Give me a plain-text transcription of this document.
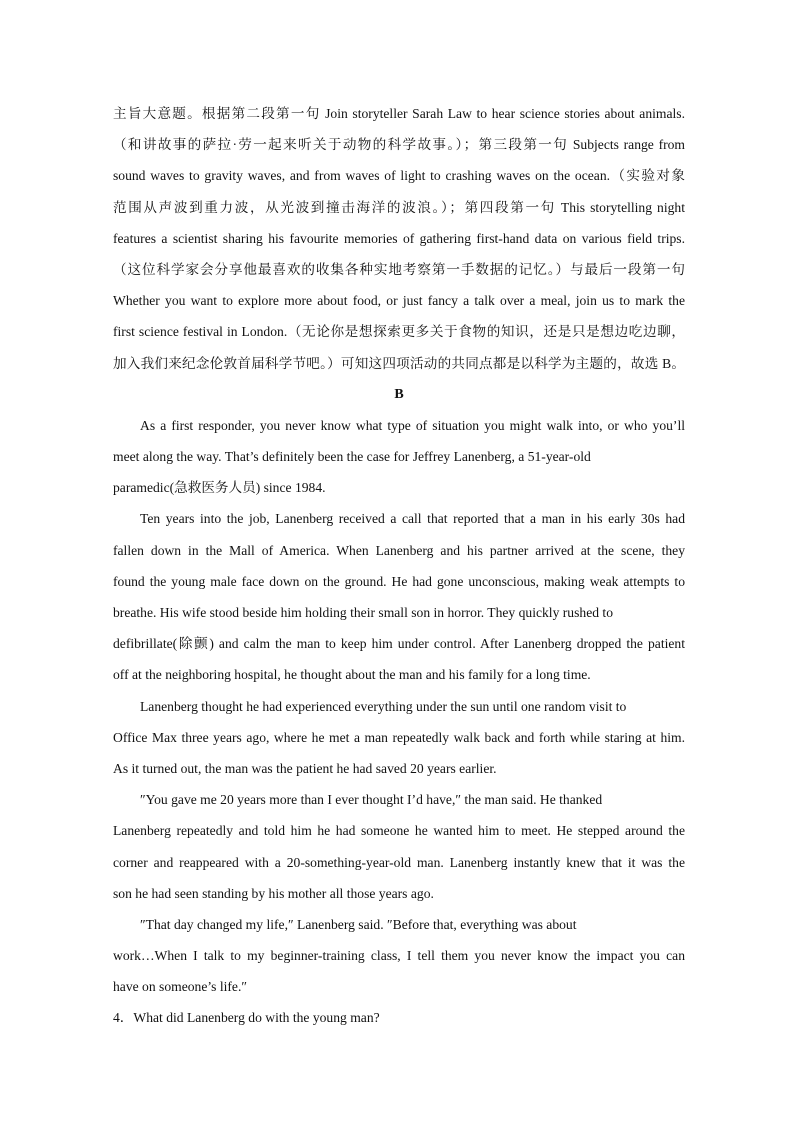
主旨大意题。根据第二段第一句 Join storyteller Sarah Law to hear science stories about animals.
（和讲故事的萨拉·劳一起来听关于动物的科学故事。）；第三段第一句 Subjects range from
sound waves to gravity waves, and from waves of light to crashing waves on the ocean.（实验对象
范围从声波到重力波，从光波到撞击海洋的波浪。）；第四段第一句 This storytelling night
features a scientist sharing his favourite memories of gathering first-hand data on various field trips.
（这位科学家会分享他最喜欢的收集各种实地考察第一手数据的记忆。）与最后一段第一句
Whether you want to explore more about food, or just fancy a talk over a meal, join us to mark the
first science festival in London.（无论你是想探索更多关于食物的知识，还是只是想边吃边聊，
加入我们来纪念伦敦首届科学节吧。）可知这四项活动的共同点都是以科学为主题的，故选 B。
B
As a first responder, you never know what type of situation you might walk into, or who you’ll
meet along the way. That’s definitely been the case for Jeffrey Lanenberg, a 51-year-old
paramedic(急救医务人员) since 1984.
Ten years into the job, Lanenberg received a call that reported that a man in his early 30s had
fallen down in the Mall of America. When Lanenberg and his partner arrived at the scene, they
found the young male face down on the ground. He had gone unconscious, making weak attempts to
breathe. His wife stood beside him holding their small son in horror. They quickly rushed to
defibrillate(除颤) and calm the man to keep him under control. After Lanenberg dropped the patient
off at the neighboring hospital, he thought about the man and his family for a long time.
Lanenberg thought he had experienced everything under the sun until one random visit to
Office Max three years ago, where he met a man repeatedly walk back and forth while staring at him.
As it turned out, the man was the patient he had saved 20 years earlier.
″You gave me 20 years more than I ever thought I’d have,″ the man said. He thanked
Lanenberg repeatedly and told him he had someone he wanted him to meet. He stepped around the
corner and reappeared with a 20-something-year-old man. Lanenberg instantly knew that it was the
son he had seen standing by his mother all those years ago.
″That day changed my life,″ Lanenberg said. ″Before that, everything was about
work…When I talk to my beginner-training class, I tell them you never know the impact you can
have on someone’s life.″
4．What did Lanenberg do with the young man?
